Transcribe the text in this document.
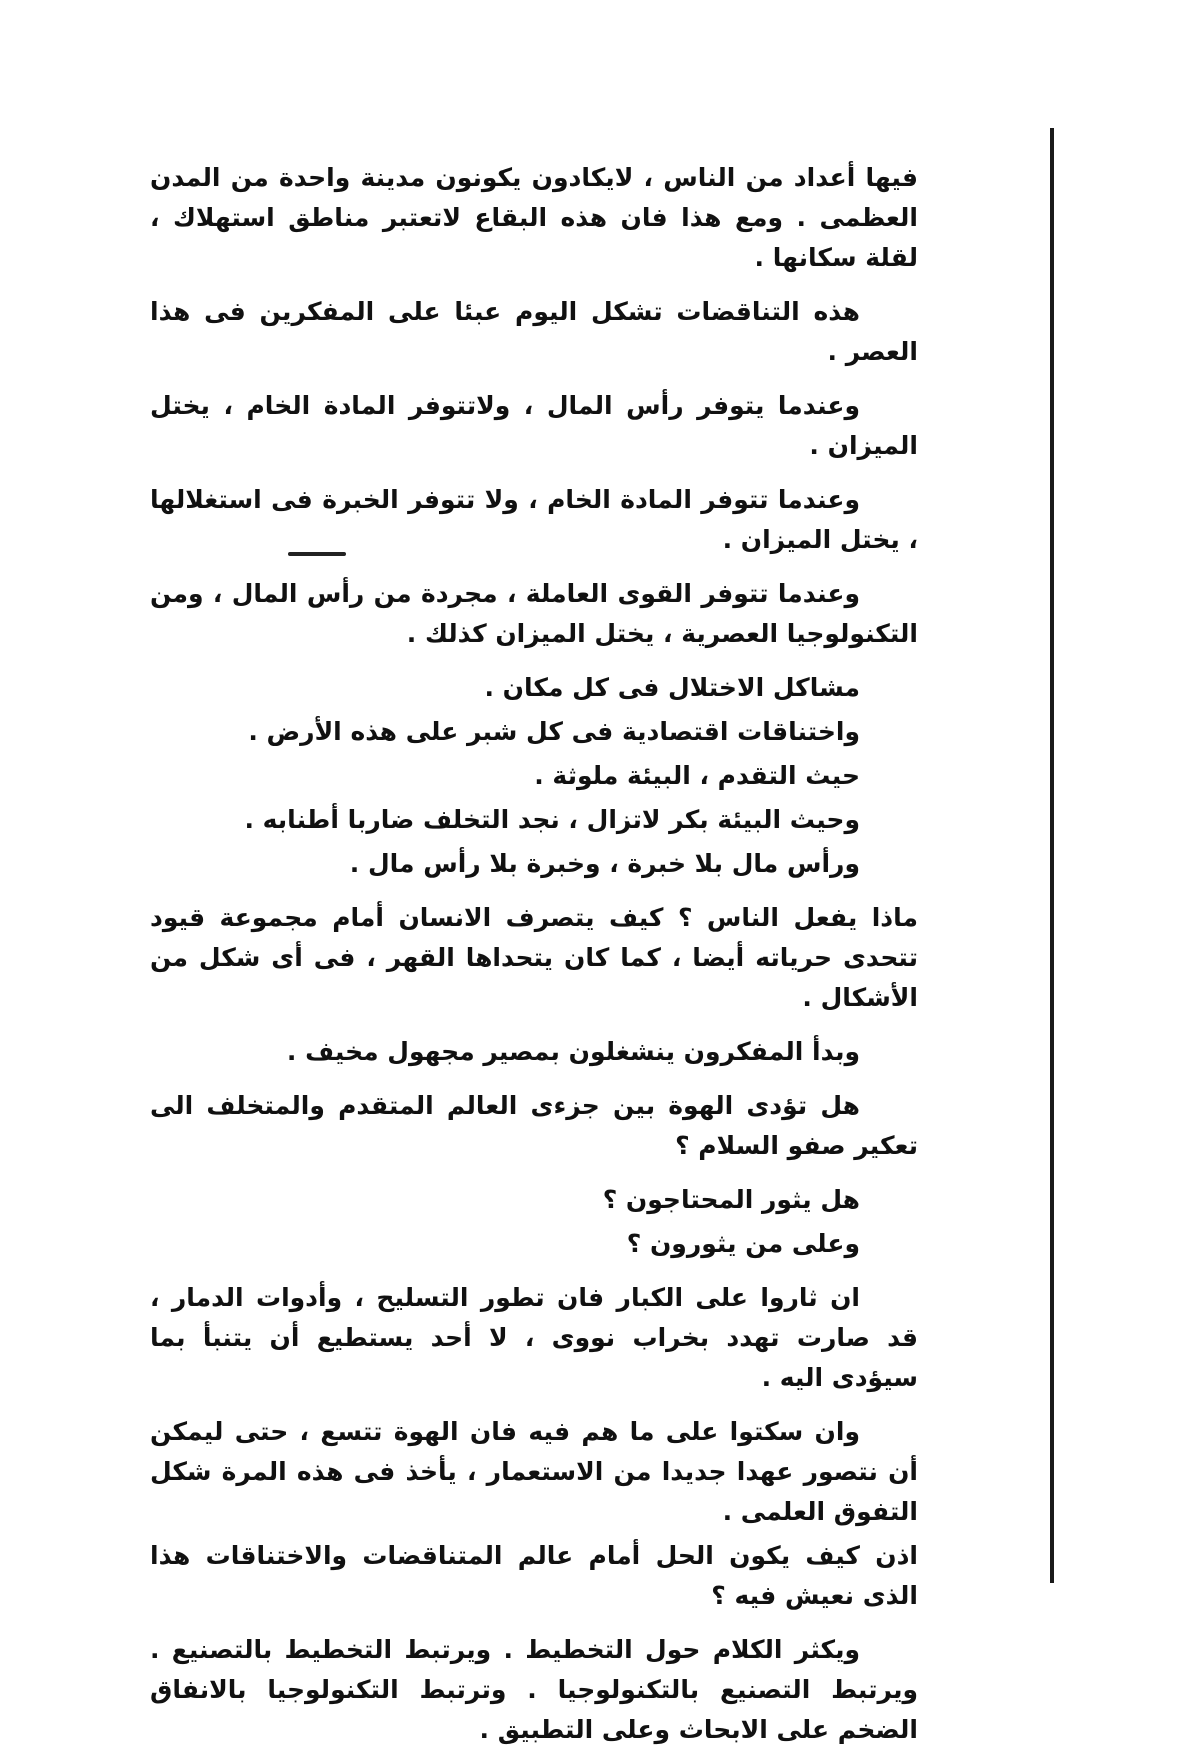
فيها أعداد من الناس ، لايكادون يكونون مدينة واحدة من المدن العظمى . ومع هذا فان هذه البقاع لاتعتبر مناطق استهلاك ، لقلة سكانها .

هذه التناقضات تشكل اليوم عبئا على المفكرين فى هذا العصر .

وعندما يتوفر رأس المال ، ولاتتوفر المادة الخام ، يختل الميزان .

وعندما تتوفر المادة الخام ، ولا تتوفر الخبرة فى استغلالها ، يختل الميزان .

وعندما تتوفر القوى العاملة ، مجردة من رأس المال ، ومن التكنولوجيا العصرية ، يختل الميزان كذلك .

مشاكل الاختلال فى كل مكان .

واختناقات اقتصادية فى كل شبر على هذه الأرض .

حيث التقدم ، البيئة ملوثة .

وحيث البيئة بكر لاتزال ، نجد التخلف ضاربا أطنابه .

ورأس مال بلا خبرة ، وخبرة بلا رأس مال .

ماذا يفعل الناس ؟ كيف يتصرف الانسان أمام مجموعة قيود تتحدى حرياته أيضا ، كما كان يتحداها القهر ، فى أى شكل من الأشكال .

وبدأ المفكرون ينشغلون بمصير مجهول مخيف .

هل تؤدى الهوة بين جزءى العالم المتقدم والمتخلف الى تعكير صفو السلام ؟

هل يثور المحتاجون ؟

وعلى من يثورون ؟

ان ثاروا على الكبار فان تطور التسليح ، وأدوات الدمار ، قد صارت تهدد بخراب نووى ، لا أحد يستطيع أن يتنبأ بما سيؤدى اليه .

وان سكتوا على ما هم فيه فان الهوة تتسع ، حتى ليمكن أن نتصور عهدا جديدا من الاستعمار ، يأخذ فى هذه المرة شكل التفوق العلمى .

اذن كيف يكون الحل أمام عالم المتناقضات والاختناقات هذا الذى نعيش فيه ؟

ويكثر الكلام حول التخطيط . ويرتبط التخطيط بالتصنيع . ويرتبط التصنيع بالتكنولوجيا . وترتبط التكنولوجيا بالانفاق الضخم على الابحاث وعلى التطبيق .
